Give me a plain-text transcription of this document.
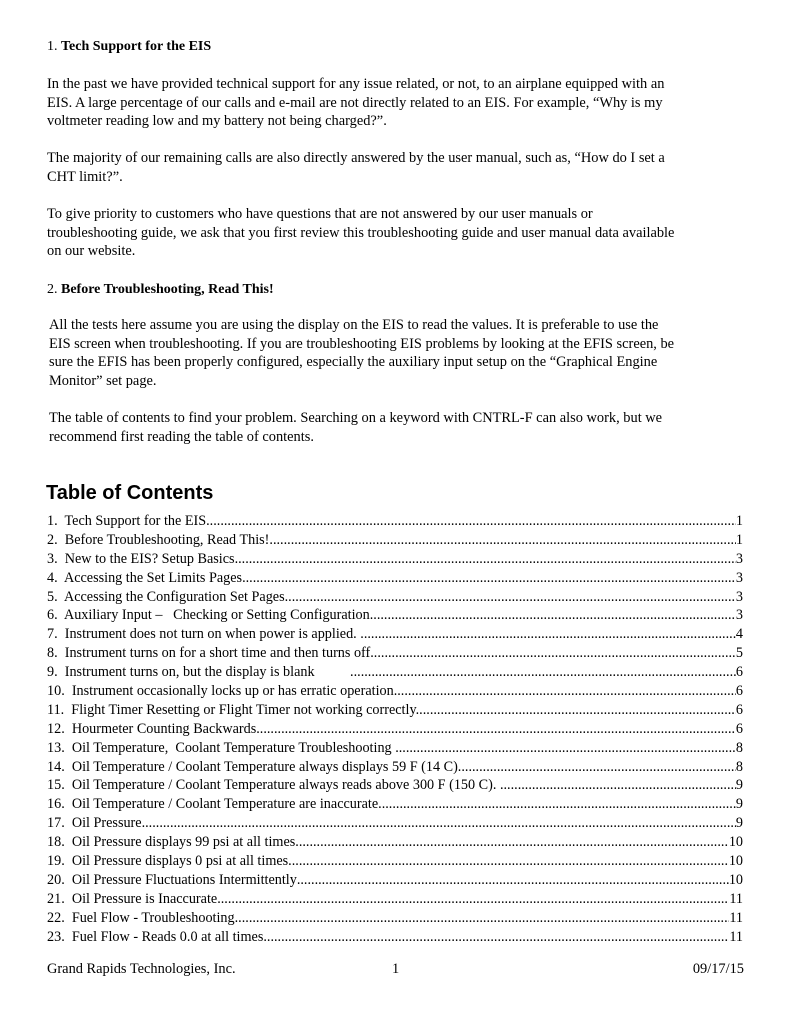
1. Tech Support for the EIS
In the past we have provided technical support for any issue related, or not, to an airplane equipped with an
EIS. A large percentage of our calls and e-mail are not directly related to an EIS. For example, “Why is my
voltmeter reading low and my battery not being charged?”.
The majority of our remaining calls are also directly answered by the user manual, such as, “How do I set a
CHT limit?”.
To give priority to customers who have questions that are not answered by our user manuals or
troubleshooting guide, we ask that you first review this troubleshooting guide and user manual data available
on our website.
2. Before Troubleshooting, Read This!
All the tests here assume you are using the display on the EIS to read the values. It is preferable to use the
EIS screen when troubleshooting. If you are troubleshooting EIS problems by looking at the EFIS screen, be
sure the EFIS has been properly configured, especially the auxiliary input setup on the “Graphical Engine
Monitor” set page.
The table of contents to find your problem. Searching on a keyword with CNTRL-F can also work, but we
recommend first reading the table of contents.
Table of Contents
1.  Tech Support for the EIS .....	1
2.  Before Troubleshooting, Read This! .....	1
3.  New to the EIS? Setup Basics .....	3
4.  Accessing the Set Limits Pages .....	3
5.  Accessing the Configuration Set Pages .....	3
6.  Auxiliary Input –   Checking or Setting Configuration .....	3
7.  Instrument does not turn on when power is applied. .....	4
8.  Instrument turns on for a short time and then turns off. .....	5
9.  Instrument turns on, but the display is blank .....	6
10.  Instrument occasionally locks up or has erratic operation .....	6
11.  Flight Timer Resetting or Flight Timer not working correctly. .....	6
12.  Hourmeter Counting Backwards .....	6
13.  Oil Temperature,  Coolant Temperature Troubleshooting .....	8
14.  Oil Temperature / Coolant Temperature always displays 59 F (14 C). .....	8
15.  Oil Temperature / Coolant Temperature always reads above 300 F (150 C). .....	9
16.  Oil Temperature / Coolant Temperature are inaccurate. .....	9
17.  Oil Pressure .....	9
18.  Oil Pressure displays 99 psi at all times .....	10
19.  Oil Pressure displays 0 psi at all times .....	10
20.  Oil Pressure Fluctuations Intermittently .....	10
21.  Oil Pressure is Inaccurate .....	11
22.  Fuel Flow - Troubleshooting .....	11
23.  Fuel Flow - Reads 0.0 at all times. .....	11
Grand Rapids Technologies, Inc.	1	09/17/15
